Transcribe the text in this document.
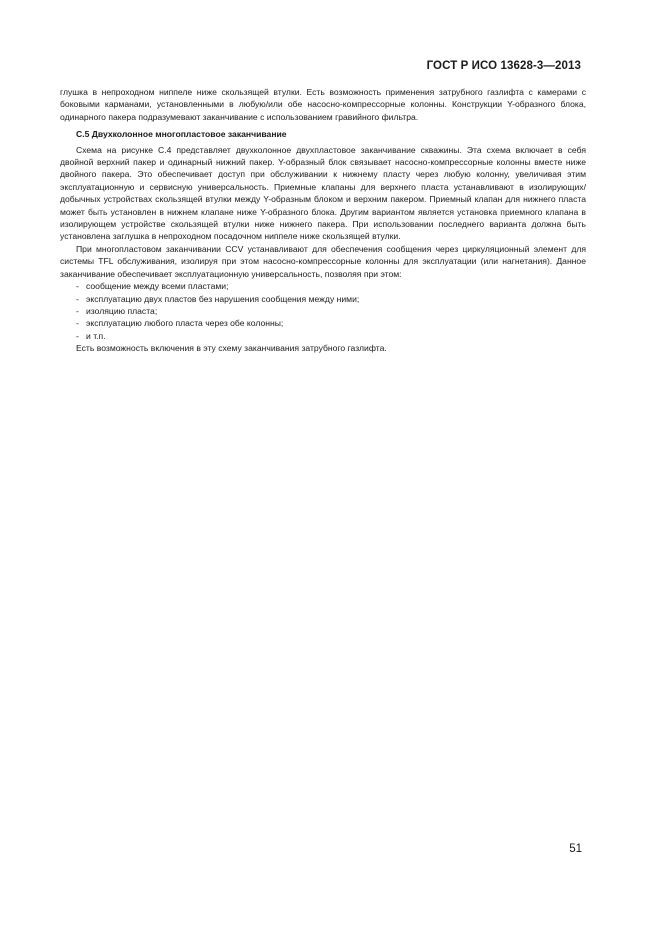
ГОСТ Р ИСО 13628-3—2013

глушка в непроходном ниппеле ниже скользящей втулки. Есть возможность применения затрубного газлифта с камерами с боковыми карманами, установленными в любую/или обе насосно-компрессорные колонны. Конструкции Y-образного блока, одинарного пакера подразумевают заканчивание с использованием гравийного фильтра.

С.5 Двухколонное многопластовое заканчивание

Схема на рисунке С.4 представляет двухколонное двухпластовое заканчивание скважины. Эта схема включает в себя двойной верхний пакер и одинарный нижний пакер. Y-образный блок связывает насосно-компрессорные колонны вместе ниже двойного пакера. Это обеспечивает доступ при обслуживании к нижнему пласту через любую колонну, увеличивая этим эксплуатационную и сервисную универсальность. Приемные клапаны для верхнего пласта устанавливают в изолирующих/добычных устройствах скользящей втулки между Y-образным блоком и верхним пакером. Приемный клапан для нижнего пласта может быть установлен в нижнем клапане ниже Y-образного блока. Другим вариантом является установка приемного клапана в изолирующем устройстве скользящей втулки ниже нижнего пакера. При использовании последнего варианта должна быть установлена заглушка в непроходном посадочном ниппеле ниже скользящей втулки.

При многопластовом заканчивании CCV устанавливают для обеспечения сообщения через циркуляционный элемент для системы TFL обслуживания, изолируя при этом насосно-компрессорные колонны для эксплуатации (или нагнетания). Данное заканчивание обеспечивает эксплуатационную универсальность, позволяя при этом:

- сообщение между всеми пластами;
- эксплуатацию двух пластов без нарушения сообщения между ними;
- изоляцию пласта;
- эксплуатацию любого пласта через обе колонны;
- и т.п.

Есть возможность включения в эту схему заканчивания затрубного газлифта.

51
